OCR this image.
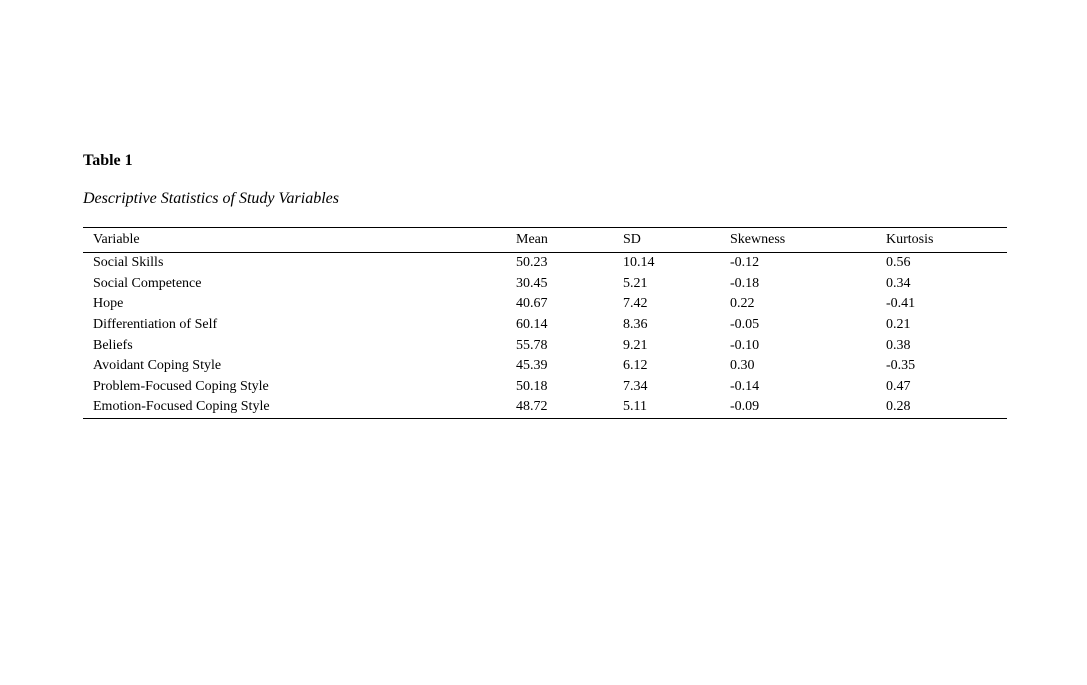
Table 1
Descriptive Statistics of Study Variables
Variable	Mean	SD	Skewness	Kurtosis
Social Skills	50.23	10.14	-0.12	0.56
Social Competence	30.45	5.21	-0.18	0.34
Hope	40.67	7.42	0.22	-0.41
Differentiation of Self	60.14	8.36	-0.05	0.21
Beliefs	55.78	9.21	-0.10	0.38
Avoidant Coping Style	45.39	6.12	0.30	-0.35
Problem-Focused Coping Style	50.18	7.34	-0.14	0.47
Emotion-Focused Coping Style	48.72	5.11	-0.09	0.28
